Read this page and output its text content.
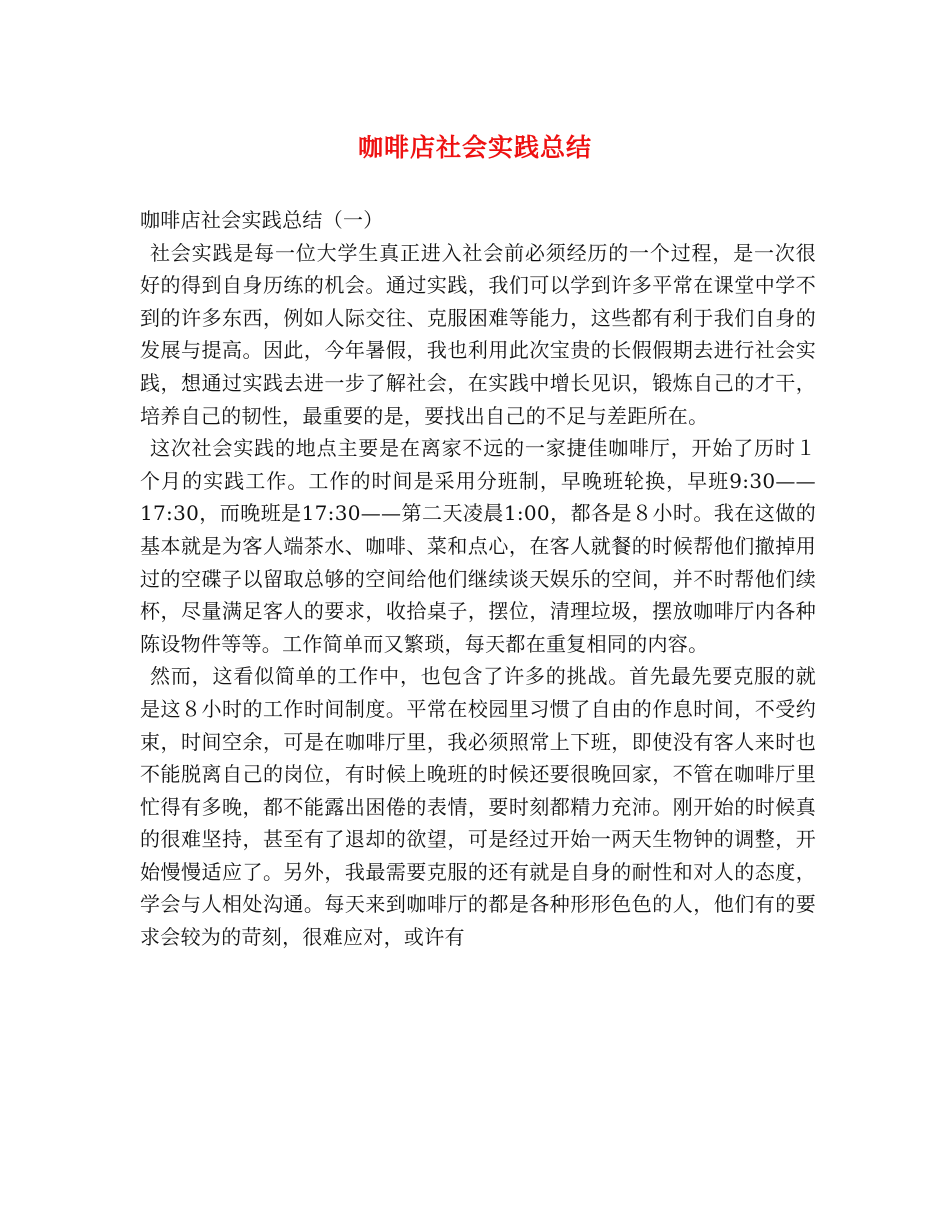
咖啡店社会实践总结

咖啡店社会实践总结（一）

社会实践是每一位大学生真正进入社会前必须经历的一个过程，是一次很好的得到自身历练的机会。通过实践，我们可以学到许多平常在课堂中学不到的许多东西，例如人际交往、克服困难等能力，这些都有利于我们自身的发展与提高。因此，今年暑假，我也利用此次宝贵的长假假期去进行社会实践，想通过实践去进一步了解社会，在实践中增长见识，锻炼自己的才干，培养自己的韧性，最重要的是，要找出自己的不足与差距所在。

这次社会实践的地点主要是在离家不远的一家捷佳咖啡厅，开始了历时１个月的实践工作。工作的时间是采用分班制，早晚班轮换，早班9:30——17:30，而晚班是17:30——第二天凌晨1:00，都各是８小时。我在这做的基本就是为客人端茶水、咖啡、菜和点心，在客人就餐的时候帮他们撤掉用过的空碟子以留取总够的空间给他们继续谈天娱乐的空间，并不时帮他们续杯，尽量满足客人的要求，收拾桌子，摆位，清理垃圾，摆放咖啡厅内各种陈设物件等等。工作简单而又繁琐，每天都在重复相同的内容。

然而，这看似简单的工作中，也包含了许多的挑战。首先最先要克服的就是这８小时的工作时间制度。平常在校园里习惯了自由的作息时间，不受约束，时间空余，可是在咖啡厅里，我必须照常上下班，即使没有客人来时也不能脱离自己的岗位，有时候上晚班的时候还要很晚回家，不管在咖啡厅里忙得有多晚，都不能露出困倦的表情，要时刻都精力充沛。刚开始的时候真的很难坚持，甚至有了退却的欲望，可是经过开始一两天生物钟的调整，开始慢慢适应了。另外，我最需要克服的还有就是自身的耐性和对人的态度，学会与人相处沟通。每天来到咖啡厅的都是各种形形色色的人，他们有的要求会较为的苛刻，很难应对，或许有
